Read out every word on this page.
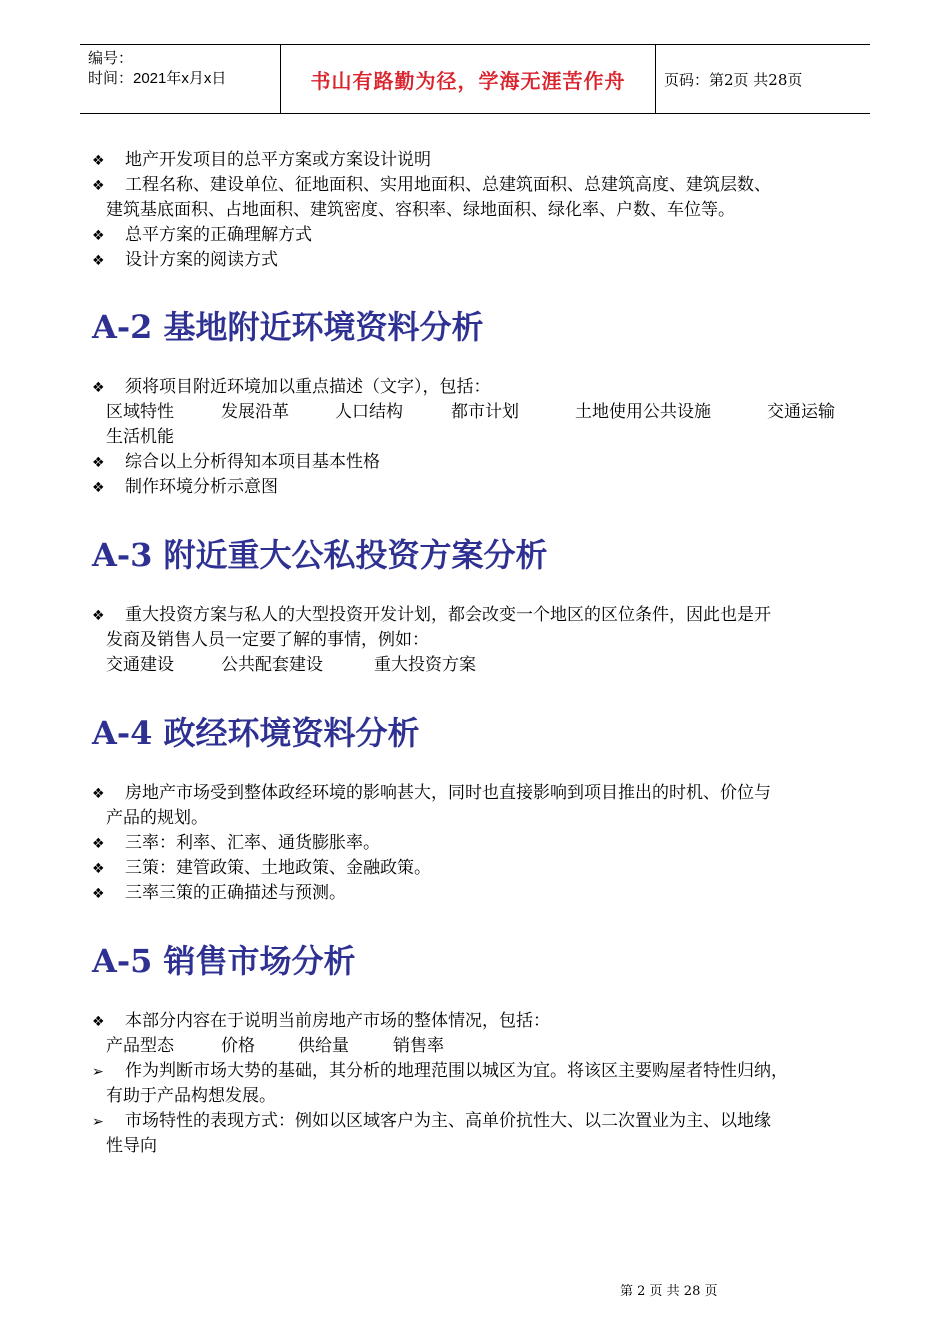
编号：
时间：2021年x月x日	书山有路勤为径，学海无涯苦作舟	页码：第2页 共28页
❖ 地产开发项目的总平方案或方案设计说明
❖ 工程名称、建设单位、征地面积、实用地面积、总建筑面积、总建筑高度、建筑层数、
建筑基底面积、占地面积、建筑密度、容积率、绿地面积、绿化率、户数、车位等。
❖ 总平方案的正确理解方式
❖ 设计方案的阅读方式
A-2 基地附近环境资料分析
❖ 须将项目附近环境加以重点描述（文字），包括：
区域特性	发展沿革	人口结构	都市计划	土地使用公共设施	交通运输
生活机能
❖ 综合以上分析得知本项目基本性格
❖ 制作环境分析示意图
A-3 附近重大公私投资方案分析
❖ 重大投资方案与私人的大型投资开发计划，都会改变一个地区的区位条件，因此也是开
发商及销售人员一定要了解的事情，例如：
交通建设	公共配套建设	重大投资方案
A-4 政经环境资料分析
❖ 房地产市场受到整体政经环境的影响甚大，同时也直接影响到项目推出的时机、价位与
产品的规划。
❖ 三率：利率、汇率、通货膨胀率。
❖ 三策：建管政策、土地政策、金融政策。
❖ 三率三策的正确描述与预测。
A-5 销售市场分析
❖ 本部分内容在于说明当前房地产市场的整体情况，包括：
产品型态	价格	供给量	销售率
➢ 作为判断市场大势的基础，其分析的地理范围以城区为宜。将该区主要购屋者特性归纳，
有助于产品构想发展。
➢ 市场特性的表现方式：例如以区域客户为主、高单价抗性大、以二次置业为主、以地缘
性导向
第 2 页 共 28 页
